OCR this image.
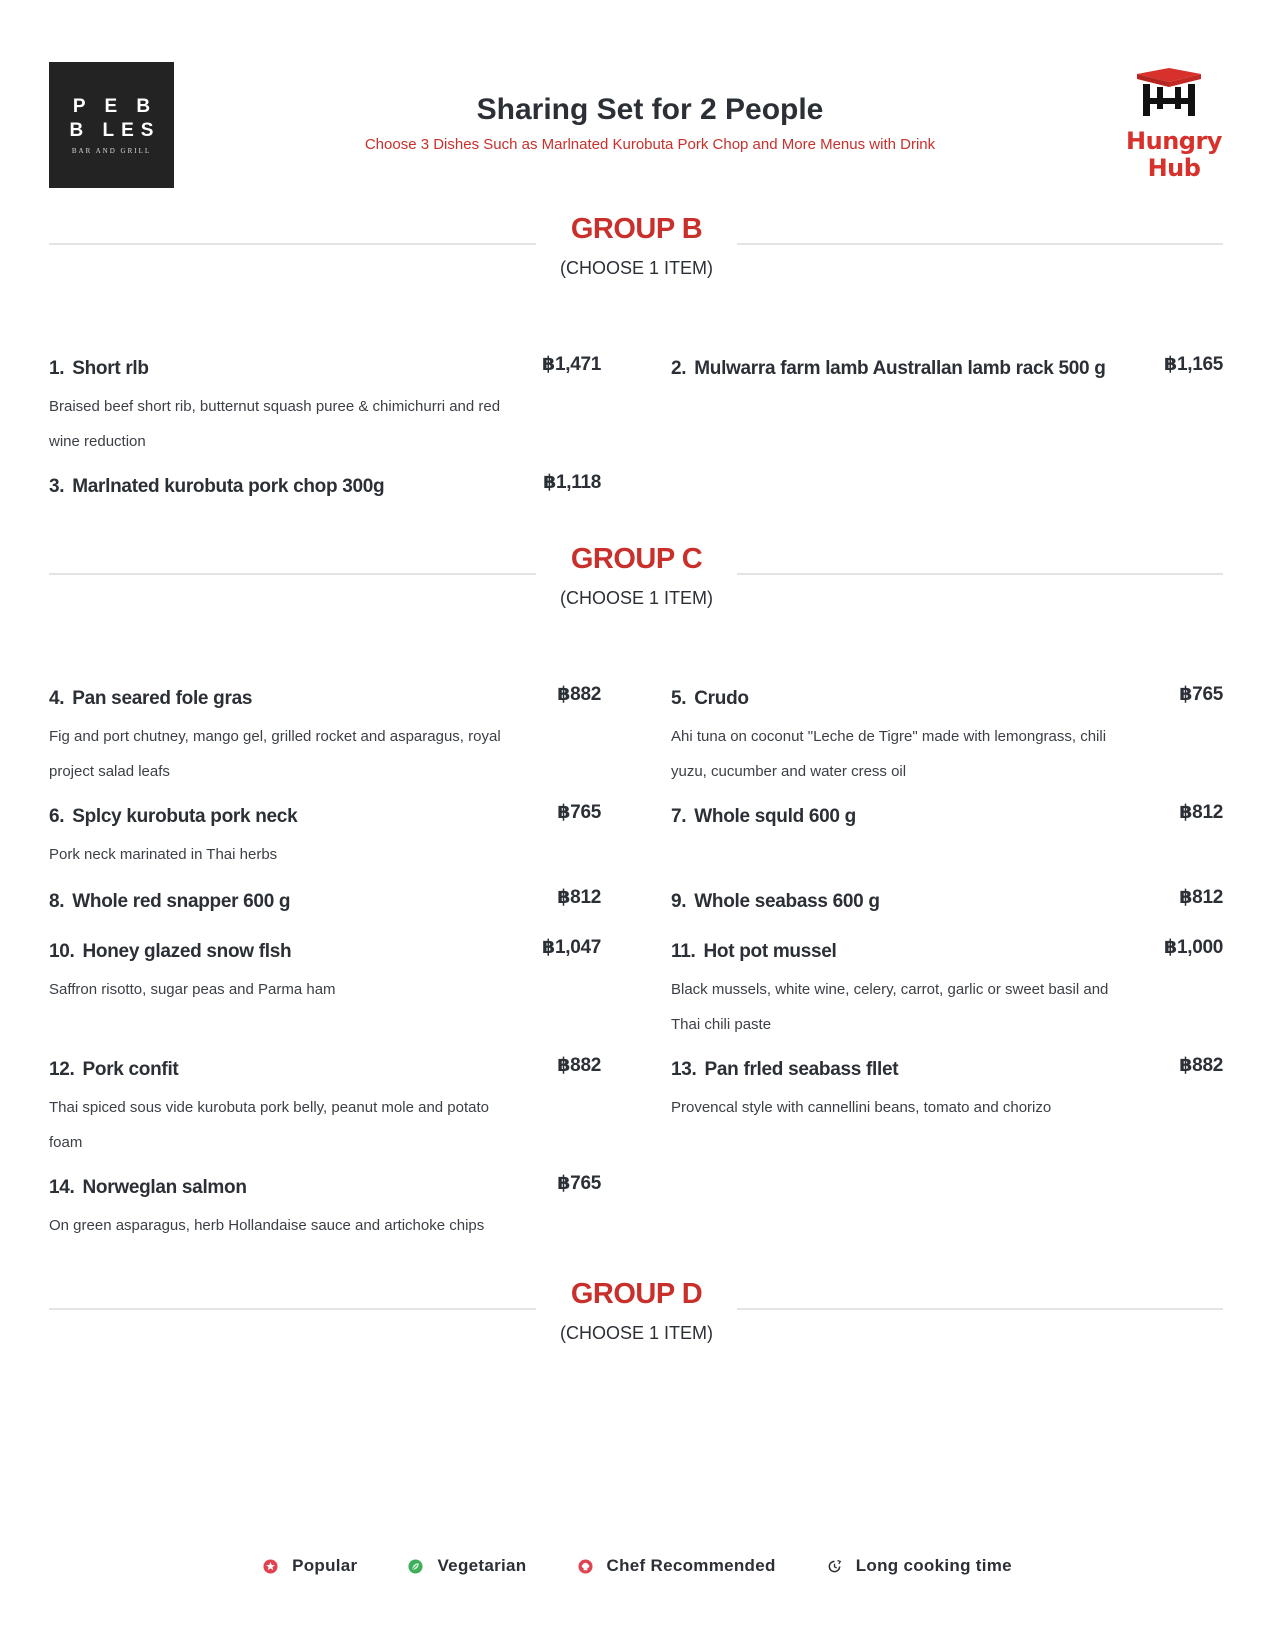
P E B
B LES
BAR AND GRILL
Sharing Set for 2 People
Choose 3 Dishes Such as Marlnated Kurobuta Pork Chop and More Menus with Drink	Hungry
Hub
GROUP B
(CHOOSE 1 ITEM)
1. Short rlb	฿1,471
Braised beef short rib, butternut squash puree & chimichurri and red wine reduction
2. Mulwarra farm lamb Australlan lamb rack 500 g	฿1,165
3. Marlnated kurobuta pork chop 300g	฿1,118
GROUP C
(CHOOSE 1 ITEM)
4. Pan seared fole gras	฿882
Fig and port chutney, mango gel, grilled rocket and asparagus, royal project salad leafs
5. Crudo	฿765
Ahi tuna on coconut "Leche de Tigre" made with lemongrass, chili yuzu, cucumber and water cress oil
6. Splcy kurobuta pork neck	฿765
Pork neck marinated in Thai herbs
7. Whole squld 600 g	฿812
8. Whole red snapper 600 g	฿812	9. Whole seabass 600 g	฿812
10. Honey glazed snow flsh	฿1,047
Saffron risotto, sugar peas and Parma ham
11. Hot pot mussel	฿1,000
Black mussels, white wine, celery, carrot, garlic or sweet basil and Thai chili paste
12. Pork confit	฿882
Thai spiced sous vide kurobuta pork belly, peanut mole and potato foam
13. Pan frled seabass fllet	฿882
Provencal style with cannellini beans, tomato and chorizo
14. Norweglan salmon	฿765
On green asparagus, herb Hollandaise sauce and artichoke chips
GROUP D
(CHOOSE 1 ITEM)
Popular
	Vegetarian
	Chef Recommended
	Long cooking time
